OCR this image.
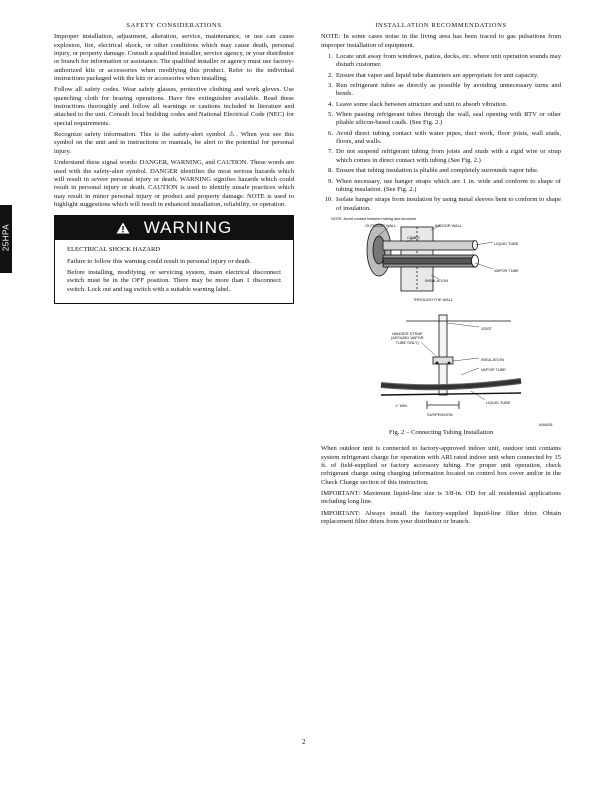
25HPA
SAFETY CONSIDERATIONS

Improper installation, adjustment, alteration, service, maintenance, or use can cause explosion, fire, electrical shock, or other conditions which may cause death, personal injury, or property damage. Consult a qualified installer, service agency, or your distributor or branch for information or assistance. The qualified installer or agency must use factory-authorized kits or accessories when modifying this product. Refer to the individual instructions packaged with the kits or accessories when installing.

Follow all safety codes. Wear safety glasses, protective clothing and work gloves. Use quenching cloth for brazing operations. Have fire extinguisher available. Read these instructions thoroughly and follow all warnings or cautions included in literature and attached to the unit. Consult local building codes and National Electrical Code (NEC) for special requirements.

Recognize safety information. This is the safety-alert symbol ⚠. When you see this symbol on the unit and in instructions or manuals, be alert to the potential for personal injury.

Understand these signal words: DANGER, WARNING, and CAUTION. These words are used with the safety-alert symbol. DANGER identifies the most serious hazards which will result in severe personal injury or death. WARNING signifies hazards which could result in personal injury or death. CAUTION is used to identify unsafe practices which may result in minor personal injury or product and property damage. NOTE is used to highlight suggestions which will result in enhanced installation, reliability, or operation.

WARNING

ELECTRICAL SHOCK HAZARD

Failure to follow this warning could result in personal injury or death.

Before installing, modifying, or servicing system, main electrical disconnect switch must be in the OFF position. There may be more than 1 disconnect switch. Lock out and tag switch with a suitable warning label.

INSTALLATION RECOMMENDATIONS

NOTE: In some cases noise in the living area has been traced to gas pulsations from improper installation of equipment.

1. Locate unit away from windows, patios, decks, etc. where unit operation sounds may disturb customer.
2. Ensure that vapor and liquid tube diameters are appropriate for unit capacity.
3. Run refrigerant tubes as directly as possible by avoiding unnecessary turns and bends.
4. Leave some slack between structure and unit to absorb vibration.
5. When passing refrigerant tubes through the wall, seal opening with RTV or other pliable silicon-based caulk. (See Fig. 2.)
6. Avoid direct tubing contact with water pipes, duct work, floor joists, wall studs, floors, and walls.
7. Do not suspend refrigerant tubing from joists and studs with a rigid wire or strap which comes in direct contact with tubing (See Fig. 2.)
8. Ensure that tubing insulation is pliable and completely surrounds vapor tube.
9. When necessary, use hanger straps which are 1 in. wide and conform to shape of tubing insulation. (See Fig. 2.)
10. Isolate hanger straps from insulation by using metal sleeves bent to conform to shape of insulation.
NOTE: Avoid contact between tubing and structure
OUTDOOR WALL	INDOOR WALL
CAULK
LIQUID TUBE
VAPOR TUBE
INSULATION
THROUGH THE WALL
JOIST
HANGER STRAP
(AROUND VAPOR
TUBE ONLY)
INSULATION
VAPOR TUBE
1" MIN.
LIQUID TUBE
SUSPENSION
A94026
Fig. 2 – Connecting Tubing Installation

When outdoor unit is connected to factory-approved indoor unit, outdoor unit contains system refrigerant charge for operation with ARI rated indoor unit when connected by 15 ft. of field-supplied or factory accessory tubing. For proper unit operation, check refrigerant charge using charging information located on control box cover and/or in the Check Charge section of this instruction.

IMPORTANT: Maximum liquid-line size is 3/8-in. OD for all residential applications including long line.

IMPORTANT: Always install the factory-supplied liquid-line filter drier. Obtain replacement filter driers from your distributor or branch.

2
